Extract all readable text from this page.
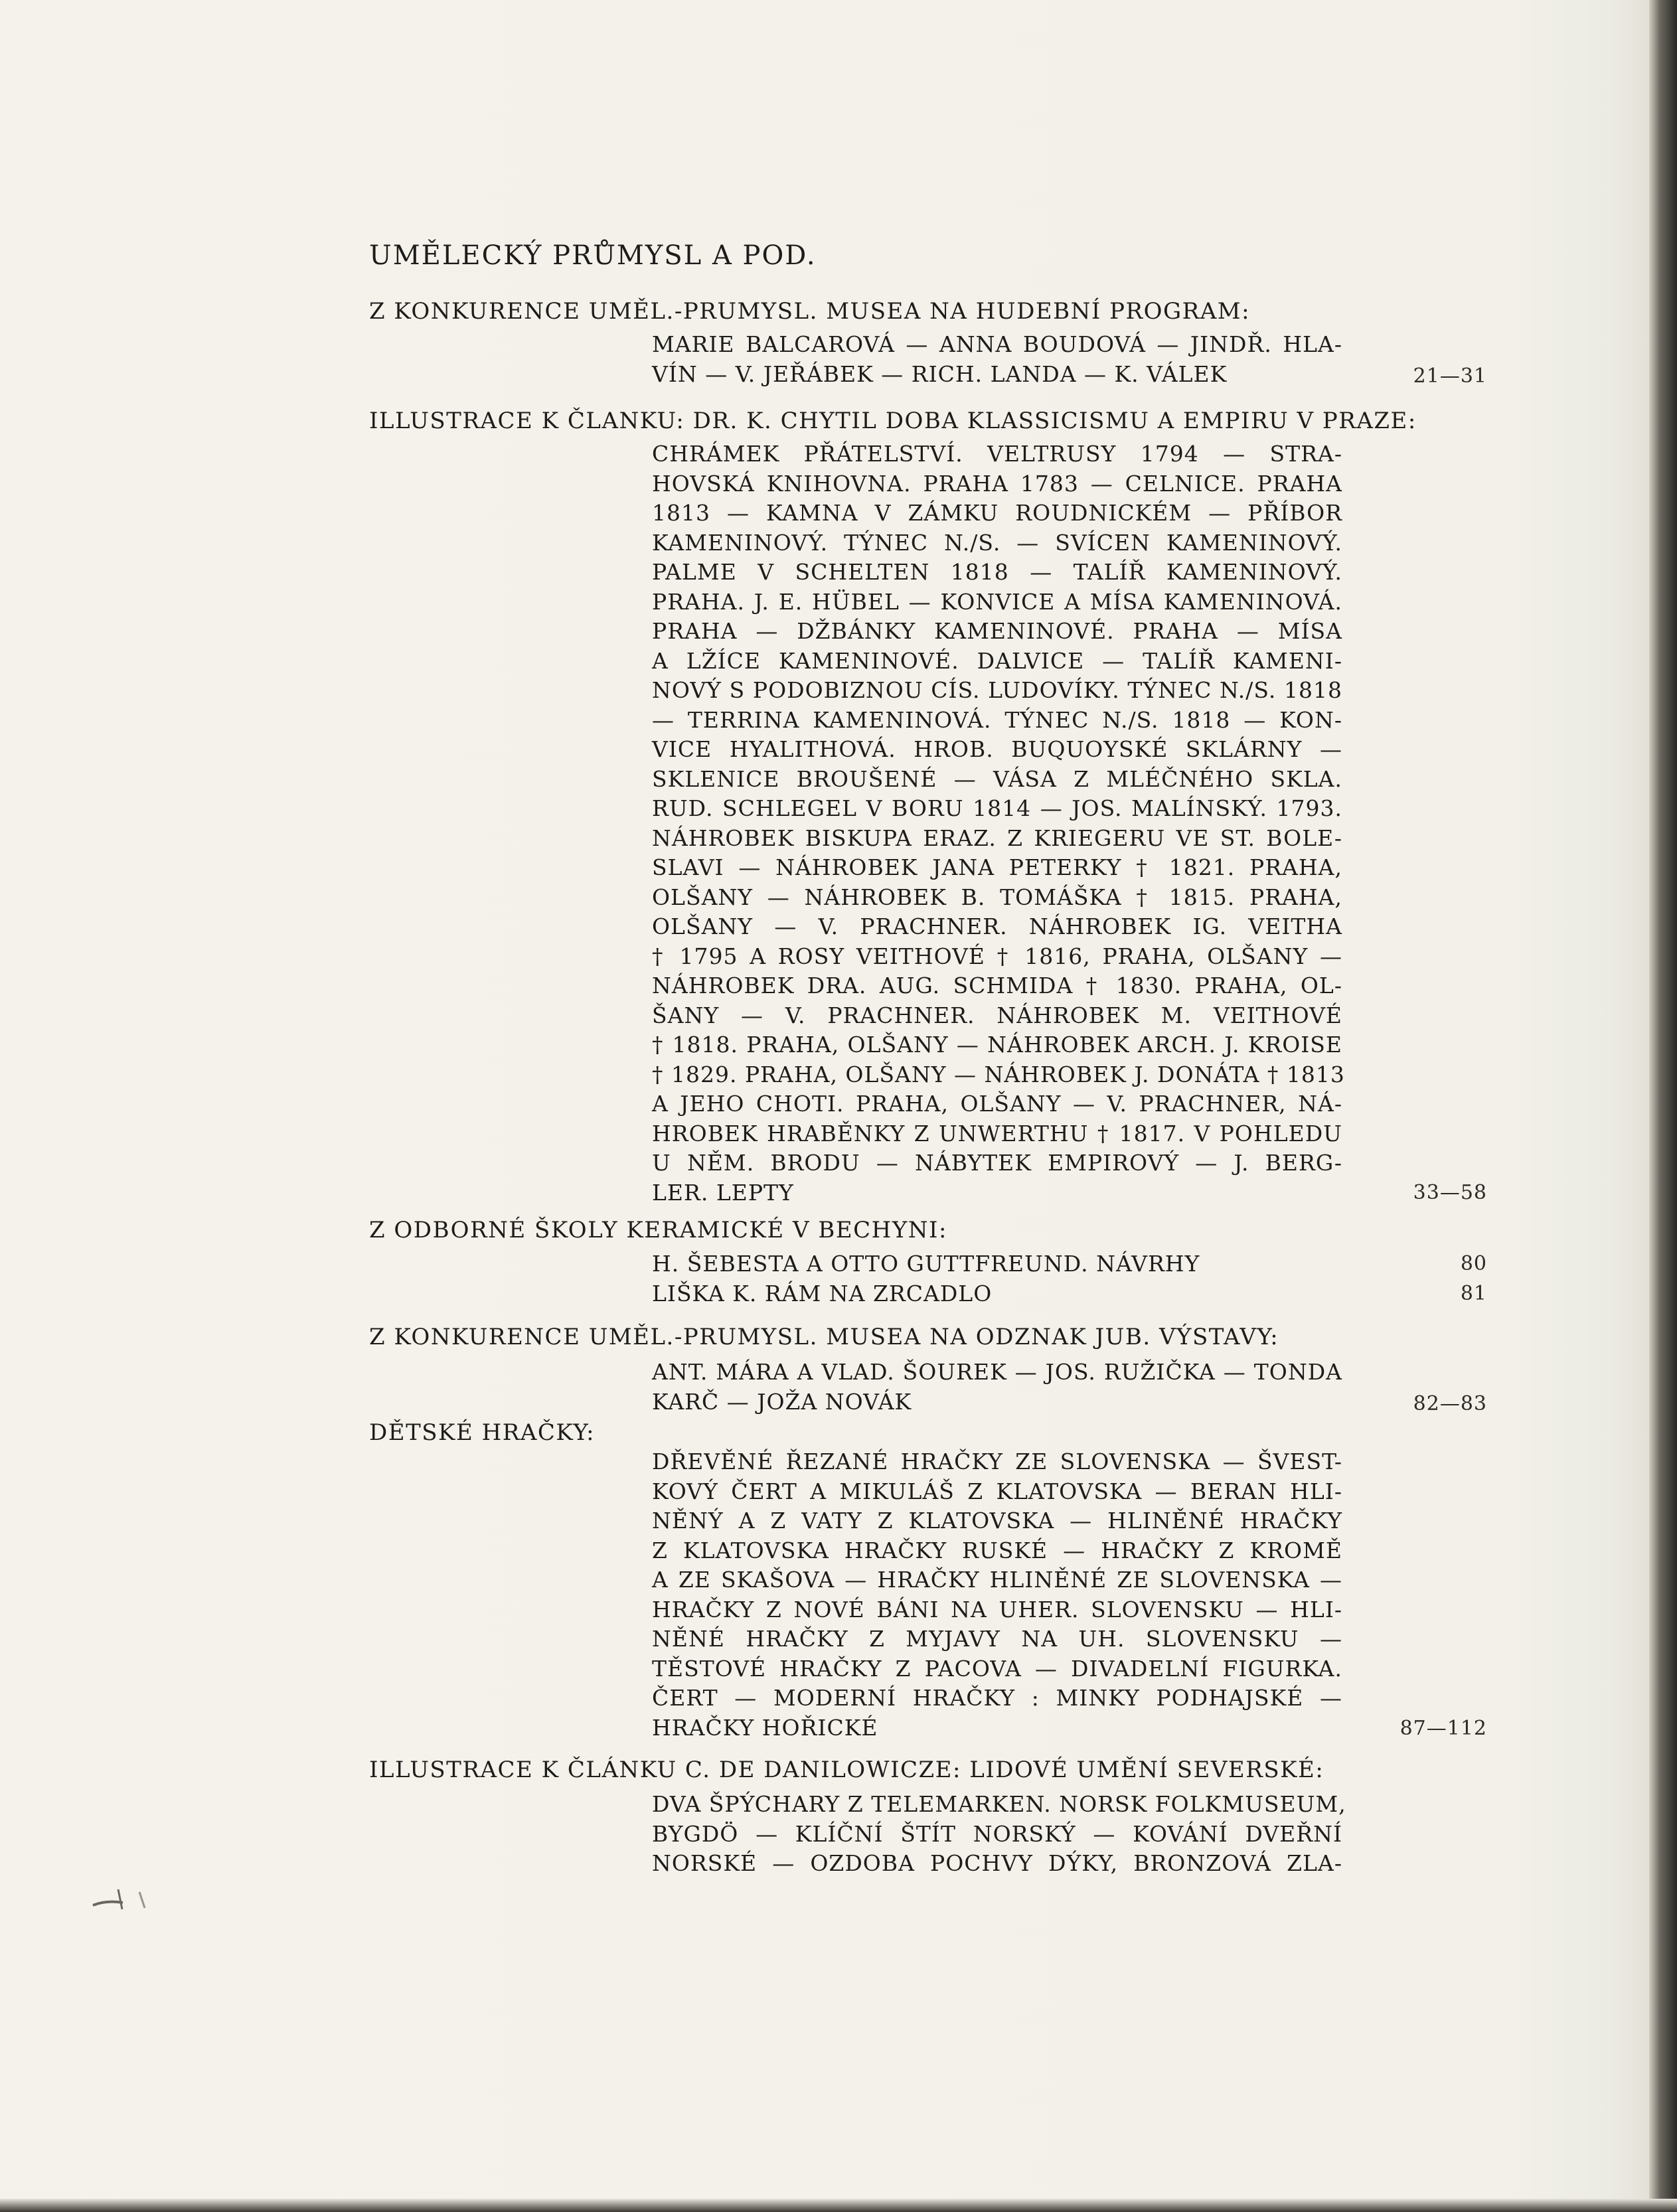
UMĚLECKÝ PRŮMYSL A POD.
Z KONKURENCE UMĚL.-PRUMYSL. MUSEA NA HUDEBNÍ PROGRAM:
MARIE BALCAROVÁ — ANNA BOUDOVÁ — JINDŘ. HLA-
VÍN — V. JEŘÁBEK — RICH. LANDA — K. VÁLEK	21—31
ILLUSTRACE K ČLANKU: DR. K. CHYTIL DOBA KLASSICISMU A EMPIRU V PRAZE:
CHRÁMEK PŘÁTELSTVÍ. VELTRUSY 1794 — STRA-
HOVSKÁ KNIHOVNA. PRAHA 1783 — CELNICE. PRAHA
1813 — KAMNA V ZÁMKU ROUDNICKÉM — PŘÍBOR
KAMENINOVÝ. TÝNEC N./S. — SVÍCEN KAMENINOVÝ.
PALME V SCHELTEN 1818 — TALÍŘ KAMENINOVÝ.
PRAHA. J. E. HÜBEL — KONVICE A MÍSA KAMENINOVÁ.
PRAHA — DŽBÁNKY KAMENINOVÉ. PRAHA — MÍSA
A LŽÍCE KAMENINOVÉ. DALVICE — TALÍŘ KAMENI-
NOVÝ S PODOBIZNOU CÍS. LUDOVÍKY. TÝNEC N./S. 1818
— TERRINA KAMENINOVÁ. TÝNEC N./S. 1818 — KON-
VICE HYALITHOVÁ. HROB. BUQUOYSKÉ SKLÁRNY —
SKLENICE BROUŠENÉ — VÁSA Z MLÉČNÉHO SKLA.
RUD. SCHLEGEL V BORU 1814 — JOS. MALÍNSKÝ. 1793.
NÁHROBEK BISKUPA ERAZ. Z KRIEGERU VE ST. BOLE-
SLAVI — NÁHROBEK JANA PETERKY † 1821. PRAHA,
OLŠANY — NÁHROBEK B. TOMÁŠKA † 1815. PRAHA,
OLŠANY — V. PRACHNER. NÁHROBEK IG. VEITHA
† 1795 A ROSY VEITHOVÉ † 1816, PRAHA, OLŠANY —
NÁHROBEK DRA. AUG. SCHMIDA † 1830. PRAHA, OL-
ŠANY — V. PRACHNER. NÁHROBEK M. VEITHOVÉ
† 1818. PRAHA, OLŠANY — NÁHROBEK ARCH. J. KROISE
† 1829. PRAHA, OLŠANY — NÁHROBEK J. DONÁTA † 1813
A JEHO CHOTI. PRAHA, OLŠANY — V. PRACHNER, NÁ-
HROBEK HRABĚNKY Z UNWERTHU † 1817. V POHLEDU
U NĚM. BRODU — NÁBYTEK EMPIROVÝ — J. BERG-
LER. LEPTY	33—58
Z ODBORNÉ ŠKOLY KERAMICKÉ V BECHYNI:
H. ŠEBESTA A OTTO GUTTFREUND. NÁVRHY	80
LIŠKA K. RÁM NA ZRCADLO	81
Z KONKURENCE UMĚL.-PRUMYSL. MUSEA NA ODZNAK JUB. VÝSTAVY:
ANT. MÁRA A VLAD. ŠOUREK — JOS. RUŽIČKA — TONDA
KARČ — JOŽA NOVÁK	82—83
DĚTSKÉ HRAČKY:
DŘEVĚNÉ ŘEZANÉ HRAČKY ZE SLOVENSKA — ŠVEST-
KOVÝ ČERT A MIKULÁŠ Z KLATOVSKA — BERAN HLI-
NĚNÝ A Z VATY Z KLATOVSKA — HLINĚNÉ HRAČKY
Z KLATOVSKA HRAČKY RUSKÉ — HRAČKY Z KROMĚ
A ZE SKAŠOVA — HRAČKY HLINĚNÉ ZE SLOVENSKA —
HRAČKY Z NOVÉ BÁNI NA UHER. SLOVENSKU — HLI-
NĚNÉ HRAČKY Z MYJAVY NA UH. SLOVENSKU —
TĚSTOVÉ HRAČKY Z PACOVA — DIVADELNÍ FIGURKA.
ČERT — MODERNÍ HRAČKY : MINKY PODHAJSKÉ —
HRAČKY HOŘICKÉ	87—112
ILLUSTRACE K ČLÁNKU C. DE DANILOWICZE: LIDOVÉ UMĚNÍ SEVERSKÉ:
DVA ŠPÝCHARY Z TELEMARKEN. NORSK FOLKMUSEUM,
BYGDÖ — KLÍČNÍ ŠTÍT NORSKÝ — KOVÁNÍ DVEŘNÍ
NORSKÉ — OZDOBA POCHVY DÝKY, BRONZOVÁ ZLA-
